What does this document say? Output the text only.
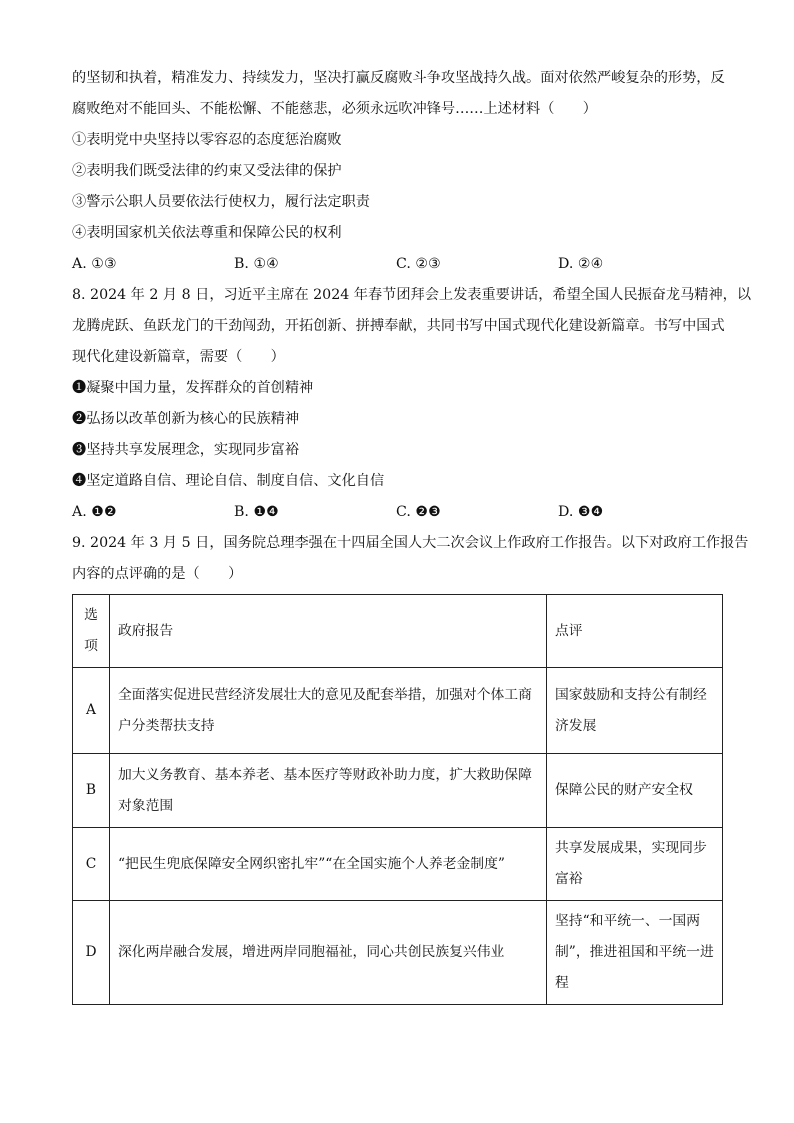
的坚韧和执着，精准发力、持续发力，坚决打赢反腐败斗争攻坚战持久战。面对依然严峻复杂的形势，反

腐败绝对不能回头、不能松懈、不能慈悲，必须永远吹冲锋号……上述材料（　　）

①表明党中央坚持以零容忍的态度惩治腐败

②表明我们既受法律的约束又受法律的保护

③警示公职人员要依法行使权力，履行法定职责

④表明国家机关依法尊重和保障公民的权利

A. ①③	B. ①④	C. ②③	D. ②④

8. 2024 年 2 月 8 日，习近平主席在 2024 年春节团拜会上发表重要讲话，希望全国人民振奋龙马精神，以

龙腾虎跃、鱼跃龙门的干劲闯劲，开拓创新、拼搏奉献，共同书写中国式现代化建设新篇章。书写中国式

现代化建设新篇章，需要（　　）

❶凝聚中国力量，发挥群众的首创精神

❷弘扬以改革创新为核心的民族精神

❸坚持共享发展理念，实现同步富裕

❹坚定道路自信、理论自信、制度自信、文化自信

A. ❶❷	B. ❶❹	C. ❷❸	D. ❸❹

9. 2024 年 3 月 5 日，国务院总理李强在十四届全国人大二次会议上作政府工作报告。以下对政府工作报告

内容的点评确的是（　　）

选项	政府报告	点评
A	全面落实促进民营经济发展壮大的意见及配套举措，加强对个体工商户分类帮扶支持	国家鼓励和支持公有制经济发展
B	加大义务教育、基本养老、基本医疗等财政补助力度，扩大救助保障对象范围	保障公民的财产安全权
C	“把民生兜底保障安全网织密扎牢”“在全国实施个人养老金制度”	共享发展成果，实现同步富裕
D	深化两岸融合发展，增进两岸同胞福祉，同心共创民族复兴伟业	坚持“和平统一、一国两制”，推进祖国和平统一进程
